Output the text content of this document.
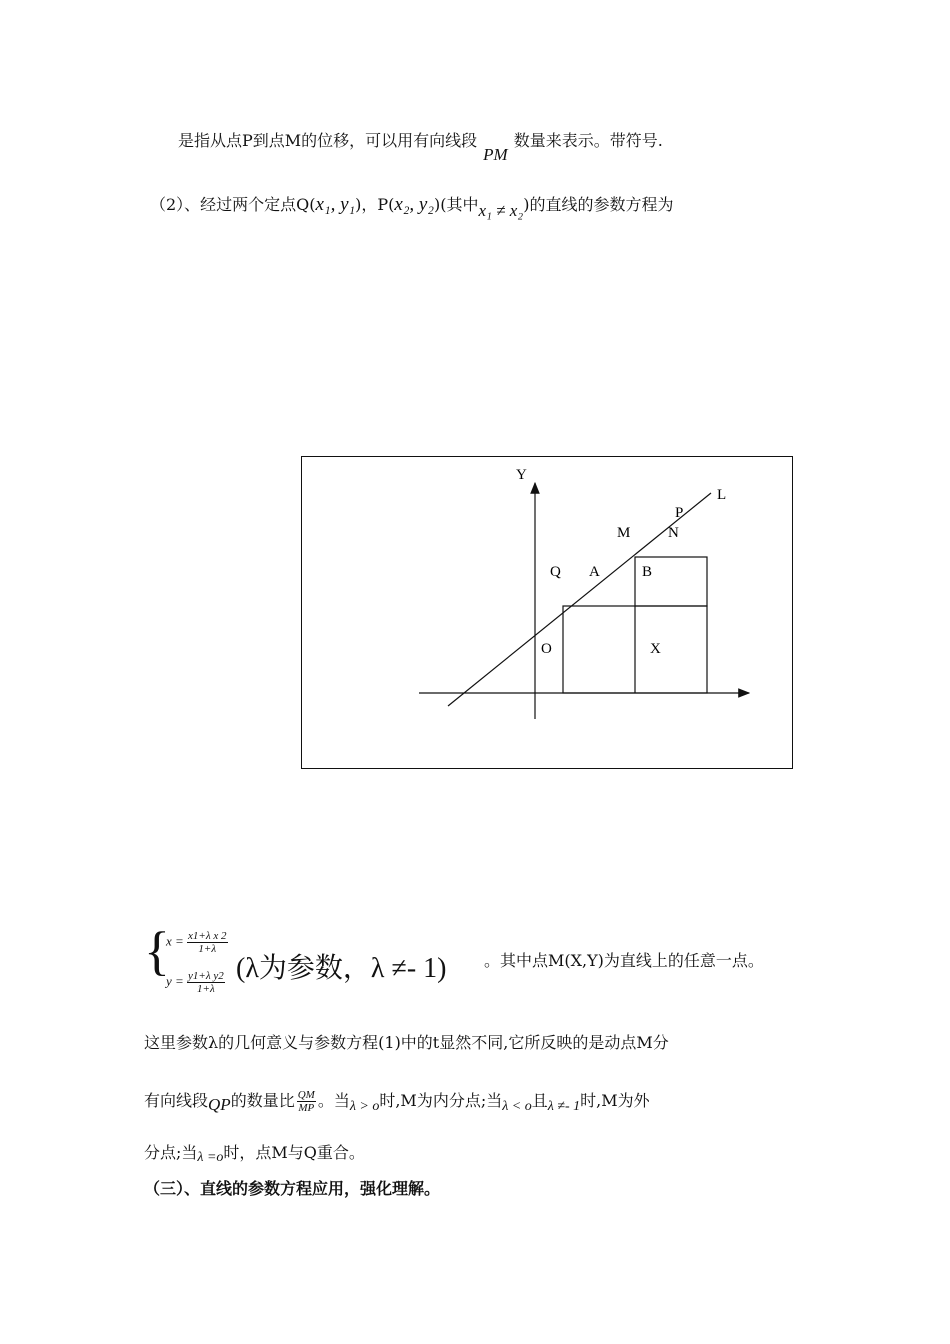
是指从点P到点M的位移，可以用有向线段PM数量来表示。带符号.
（2）、经过两个定点Q(x₁, y₁)，P(x₂, y₂)(其中x₁ ≠ x₂)的直线的参数方程为
Y
L
P
M	N
Q A	B
O	X
{
$x = \frac{\text{x1+λ x 2}}{1+\lambda}$
$y = \frac{\text{y1+λ y2}}{1+\lambda} (\lambda$为参数，λ ≠- 1) 。其中点M(X,Y)为直线上的任意一点。
这里参数λ的几何意义与参数方程(1)中的t显然不同,它所反映的是动点M分
有向线段QP的数量比 $\frac{QM}{MP}$ 。当λ > o时,M为内分点;当λ < o且λ ≠- 1时,M为外
分点;当λ =o时，点M与Q重合。
（三）、直线的参数方程应用，强化理解。
